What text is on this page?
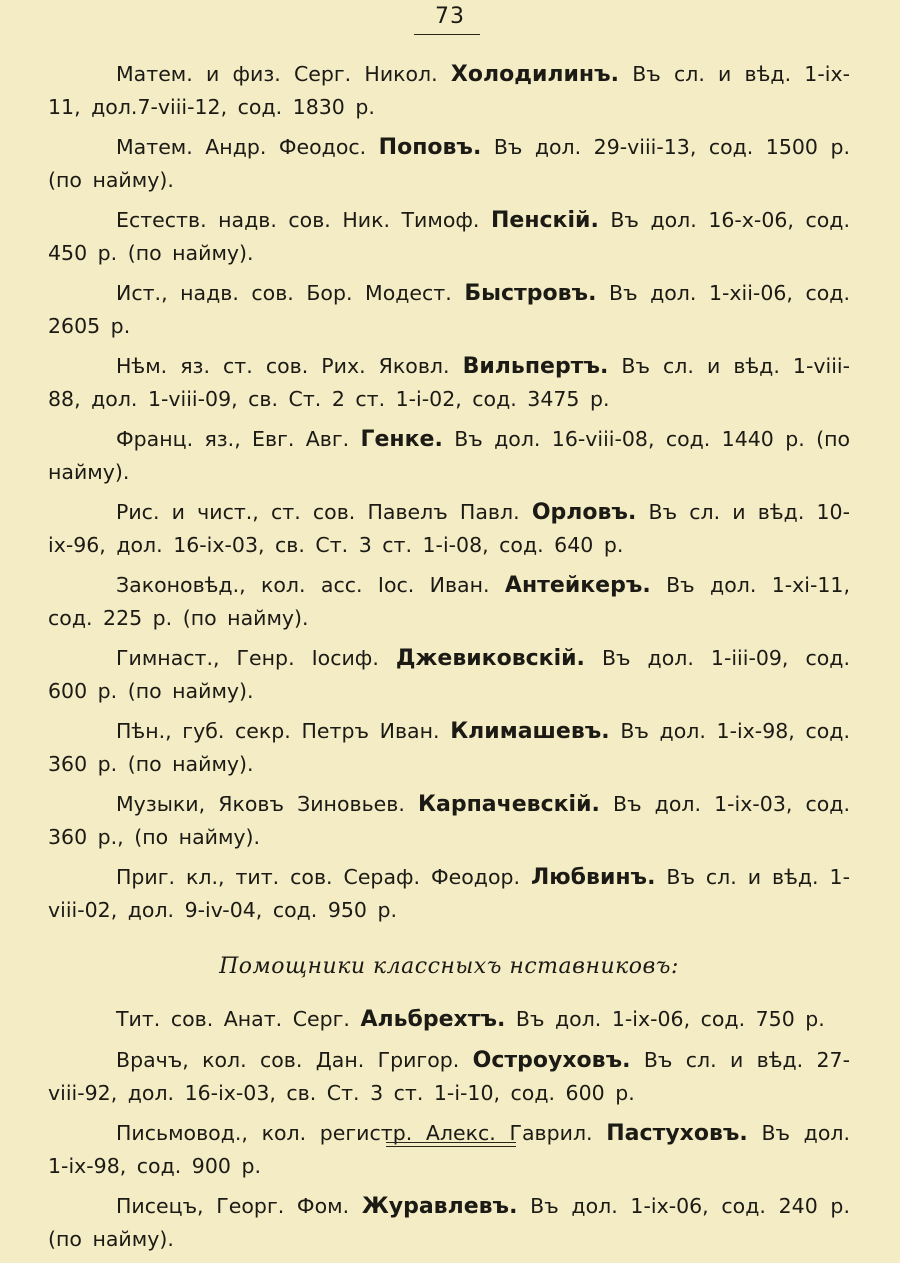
73

Матем. и физ. Серг. Никол. Холодилинъ. Въ сл. и вѣд. 1-ix-11, дол.7-viii-12, сод. 1830 р.

Матем. Андр. Феодос. Поповъ. Въ дол. 29-viii-13, сод. 1500 р. (по найму).

Естеств. надв. сов. Ник. Тимоф. Пенскій. Въ дол. 16-x-06, сод. 450 р. (по найму).

Ист., надв. сов. Бор. Модест. Быстровъ. Въ дол. 1-xii-06, сод. 2605 р.

Нѣм. яз. ст. сов. Рих. Яковл. Вильпертъ. Въ сл. и вѣд. 1-viii-88, дол. 1-viii-09, св. Ст. 2 ст. 1-i-02, сод. 3475 р.

Франц. яз., Евг. Авг. Генке. Въ дол. 16-viii-08, сод. 1440 р. (по найму).

Рис. и чист., ст. сов. Павелъ Павл. Орловъ. Въ сл. и вѣд. 10-ix-96, дол. 16-ix-03, св. Ст. 3 ст. 1-i-08, сод. 640 р.

Законовѣд., кол. асс. Іос. Иван. Антейкеръ. Въ дол. 1-xi-11, сод. 225 р. (по найму).

Гимнаст., Генр. Іосиф. Джевиковскій. Въ дол. 1-iii-09, сод. 600 р. (по найму).

Пѣн., губ. секр. Петръ Иван. Климашевъ. Въ дол. 1-ix-98, сод. 360 р. (по найму).

Музыки, Яковъ Зиновьев. Карпачевскій. Въ дол. 1-ix-03, сод. 360 р., (по найму).

Приг. кл., тит. сов. Сераф. Феодор. Любвинъ. Въ сл. и вѣд. 1-viii-02, дол. 9-iv-04, сод. 950 р.

Помощники классныхъ нставниковъ:

Тит. сов. Анат. Серг. Альбрехтъ. Въ дол. 1-ix-06, сод. 750 р.

Врачъ, кол. сов. Дан. Григор. Остроуховъ. Въ сл. и вѣд. 27-viii-92, дол. 16-ix-03, св. Ст. 3 ст. 1-i-10, сод. 600 р.

Письмовод., кол. регистр. Алекс. Гаврил. Пастуховъ. Въ дол. 1-ix-98, сод. 900 р.

Писецъ, Георг. Фом. Журавлевъ. Въ дол. 1-ix-06, сод. 240 р. (по найму).
